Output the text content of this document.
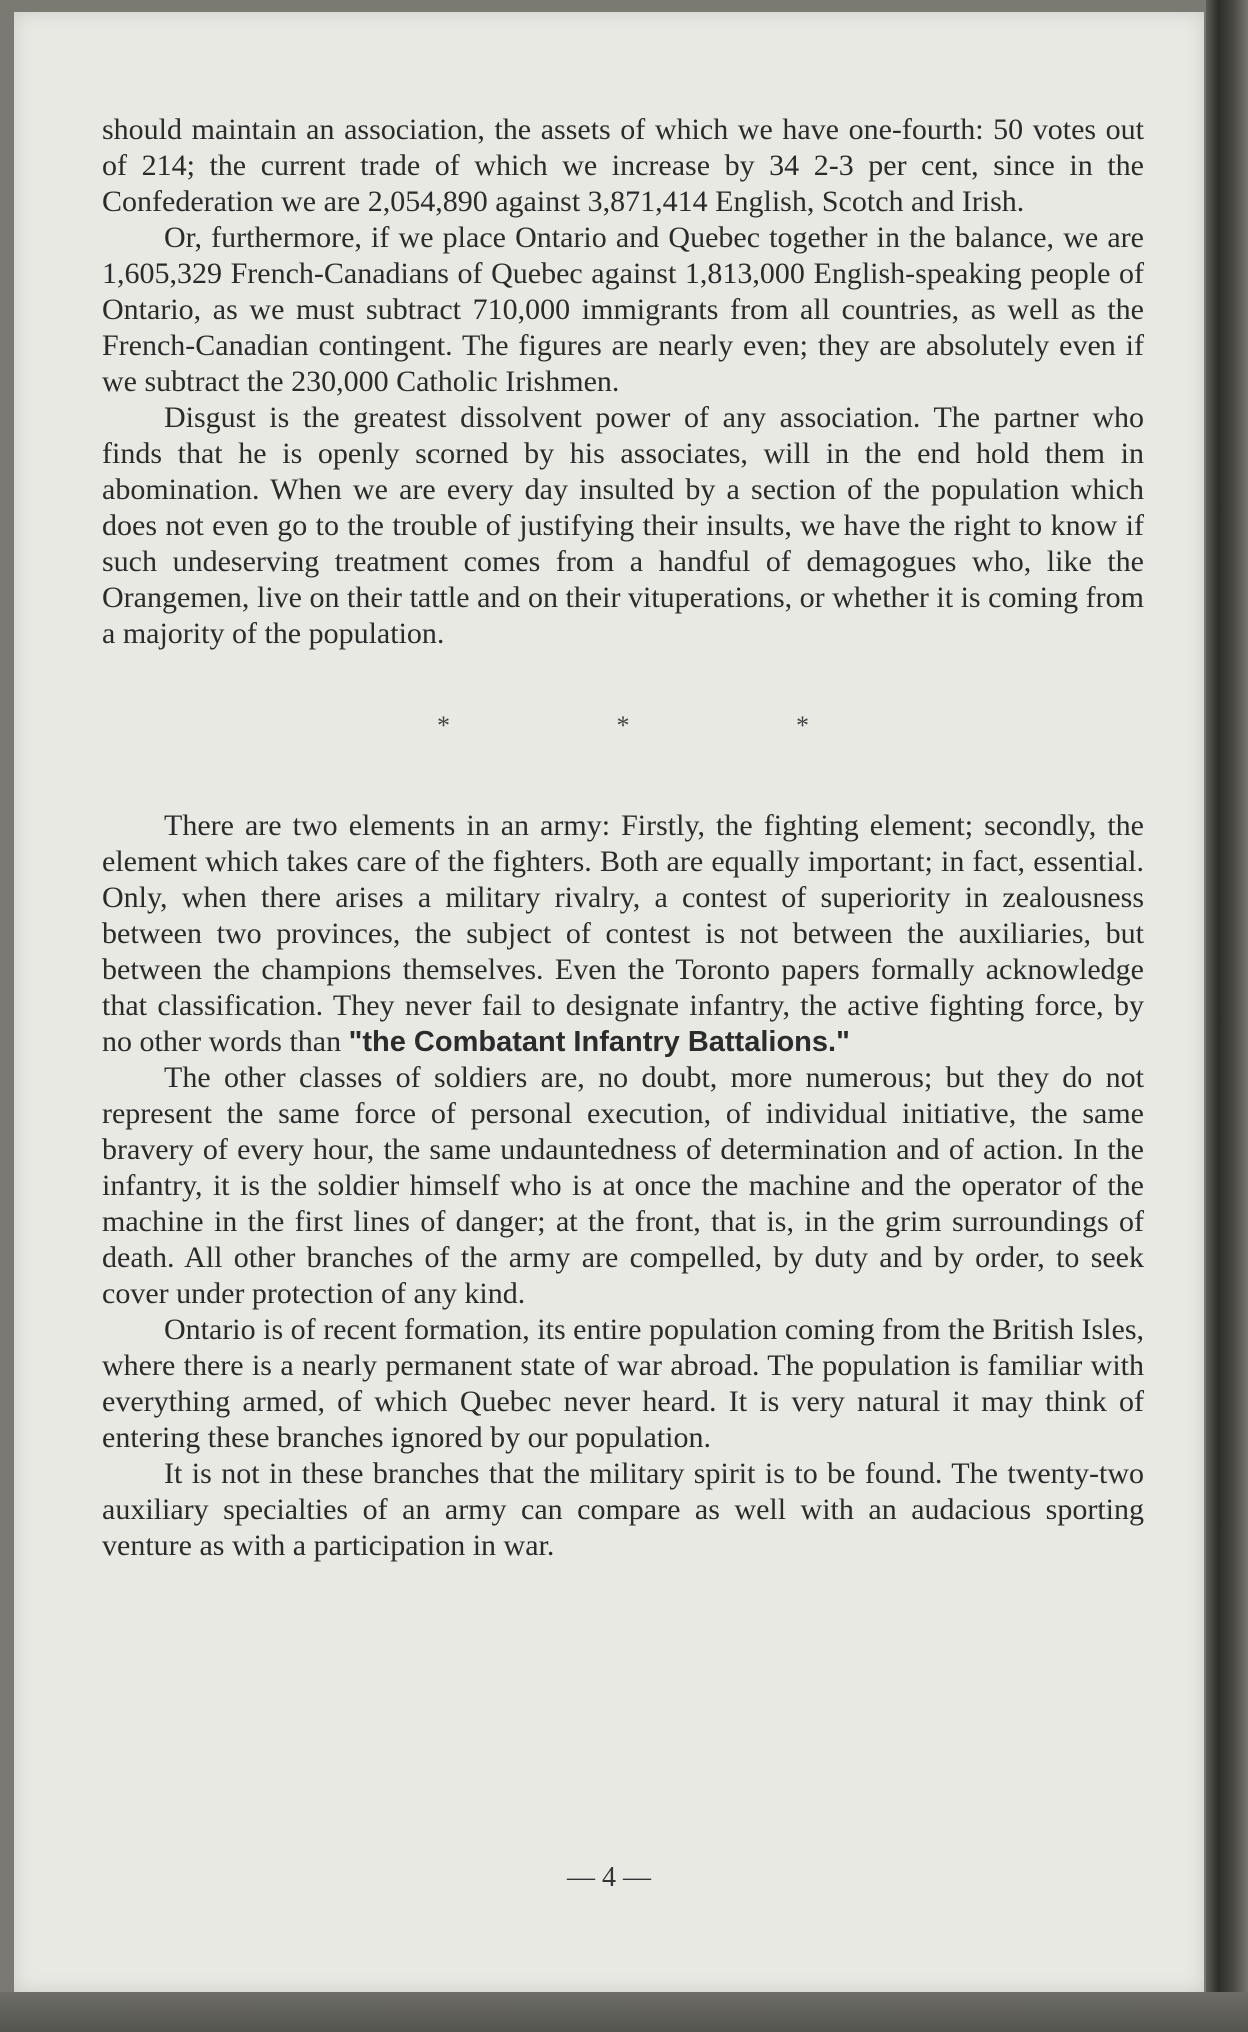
should maintain an association, the assets of which we have one-fourth: 50 votes out of 214; the current trade of which we increase by 34 2-3 per cent, since in the Confederation we are 2,054,890 against 3,871,414 English, Scotch and Irish.

Or, furthermore, if we place Ontario and Quebec together in the balance, we are 1,605,329 French-Canadians of Quebec against 1,813,000 English-speaking people of Ontario, as we must subtract 710,000 immigrants from all countries, as well as the French-Canadian contingent. The figures are nearly even; they are absolutely even if we subtract the 230,000 Catholic Irishmen.

Disgust is the greatest dissolvent power of any association. The partner who finds that he is openly scorned by his associates, will in the end hold them in abomination. When we are every day insulted by a section of the population which does not even go to the trouble of justifying their insults, we have the right to know if such undeserving treatment comes from a handful of demagogues who, like the Orangemen, live on their tattle and on their vituperations, or whether it is coming from a majority of the population.

* * *

There are two elements in an army: Firstly, the fighting element; secondly, the element which takes care of the fighters. Both are equally important; in fact, essential. Only, when there arises a military rivalry, a contest of superiority in zealousness between two provinces, the subject of contest is not between the auxiliaries, but between the champions themselves. Even the Toronto papers formally acknowledge that classification. They never fail to designate infantry, the active fighting force, by no other words than "the Combatant Infantry Battalions."

The other classes of soldiers are, no doubt, more numerous; but they do not represent the same force of personal execution, of individual initiative, the same bravery of every hour, the same undauntedness of determination and of action. In the infantry, it is the soldier himself who is at once the machine and the operator of the machine in the first lines of danger; at the front, that is, in the grim surroundings of death. All other branches of the army are compelled, by duty and by order, to seek cover under protection of any kind.

Ontario is of recent formation, its entire population coming from the British Isles, where there is a nearly permanent state of war abroad. The population is familiar with everything armed, of which Quebec never heard. It is very natural it may think of entering these branches ignored by our population.

It is not in these branches that the military spirit is to be found. The twenty-two auxiliary specialties of an army can compare as well with an audacious sporting venture as with a participation in war.

— 4 —
